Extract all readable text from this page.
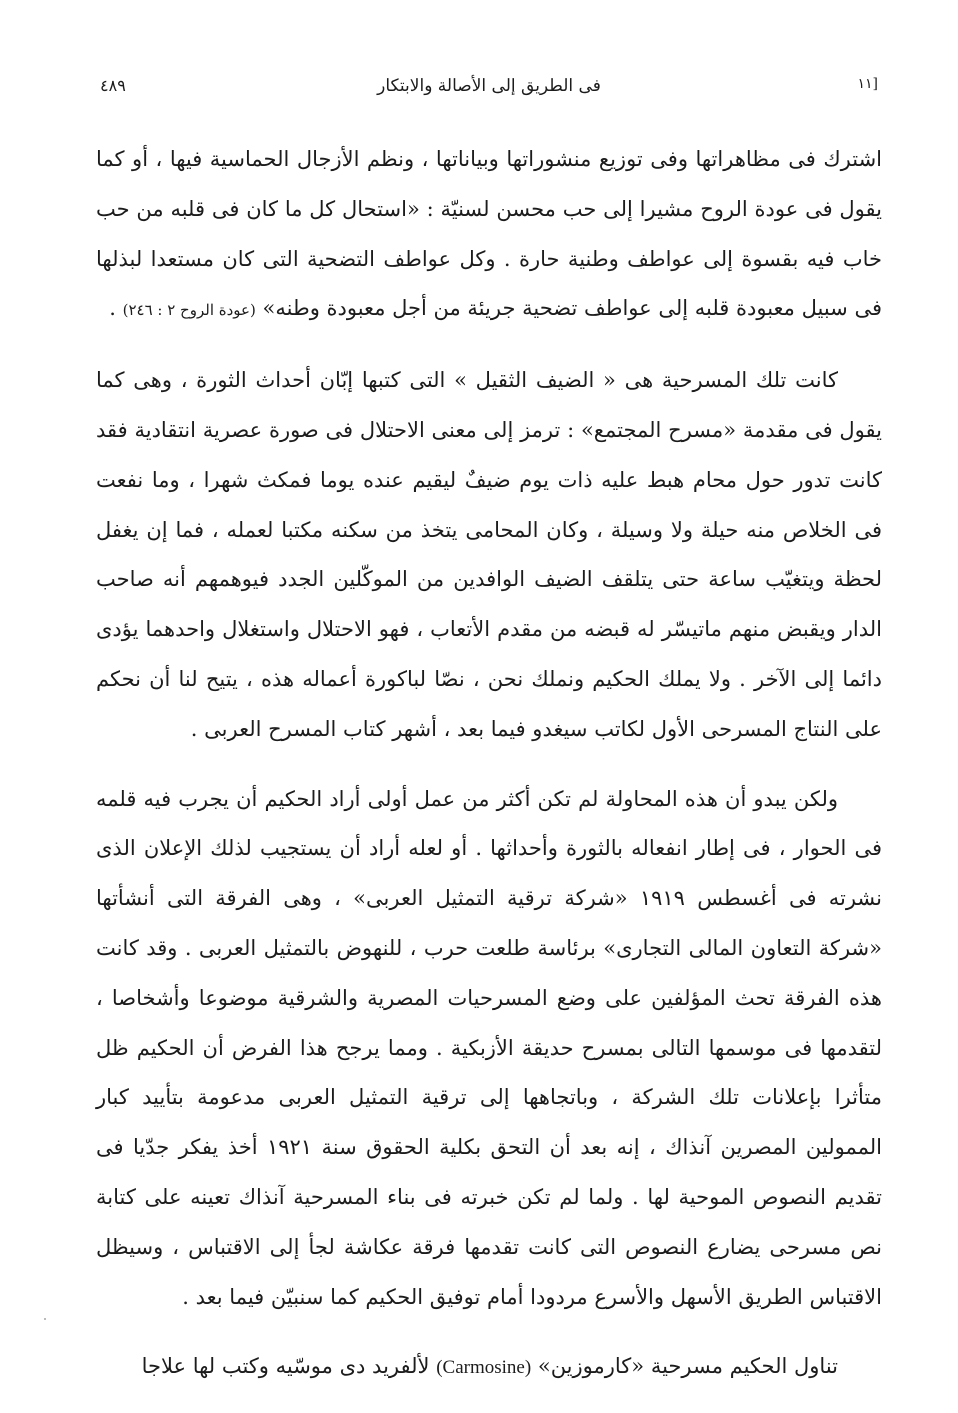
[١١
فى الطريق إلى الأصالة والابتكار
٤٨٩

اشترك فى مظاهراتها وفى توزيع منشوراتها وبياناتها ، ونظم الأزجال الحماسية فيها ، أو كما يقول فى عودة الروح مشيرا إلى حب محسن لسنيّة : «استحال كل ما كان فى قلبه من حب خاب فيه بقسوة إلى عواطف وطنية حارة . وكل عواطف التضحية التى كان مستعدا لبذلها فى سبيل معبودة قلبه إلى عواطف تضحية جريئة من أجل معبودة وطنه» (عودة الروح ٢ : ٢٤٦) .

كانت تلك المسرحية هى « الضيف الثقيل » التى كتبها إبّان أحداث الثورة ، وهى كما يقول فى مقدمة «مسرح المجتمع» : ترمز إلى معنى الاحتلال فى صورة عصرية انتقادية فقد كانت تدور حول محام هبط عليه ذات يوم ضيفٌ ليقيم عنده يوما فمكث شهرا ، وما نفعت فى الخلاص منه حيلة ولا وسيلة ، وكان المحامى يتخذ من سكنه مكتبا لعمله ، فما إن يغفل لحظة ويتغيّب ساعة حتى يتلقف الضيف الوافدين من الموكّلين الجدد فيوهمهم أنه صاحب الدار ويقبض منهم ماتيسّر له قبضه من مقدم الأتعاب ، فهو الاحتلال واستغلال واحدهما يؤدى دائما إلى الآخر . ولا يملك الحكيم ونملك نحن ، نصّا لباكورة أعماله هذه ، يتيح لنا أن نحكم على النتاج المسرحى الأول لكاتب سيغدو فيما بعد ، أشهر كتاب المسرح العربى .

ولكن يبدو أن هذه المحاولة لم تكن أكثر من عمل أولى أراد الحكيم أن يجرب فيه قلمه فى الحوار ، فى إطار انفعاله بالثورة وأحداثها . أو لعله أراد أن يستجيب لذلك الإعلان الذى نشرته فى أغسطس ١٩١٩ «شركة ترقية التمثيل العربى» ، وهى الفرقة التى أنشأتها «شركة التعاون المالى التجارى» برئاسة طلعت حرب ، للنهوض بالتمثيل العربى . وقد كانت هذه الفرقة تحث المؤلفين على وضع المسرحيات المصرية والشرقية موضوعا وأشخاصا ، لتقدمها فى موسمها التالى بمسرح حديقة الأزبكية . ومما يرجح هذا الفرض أن الحكيم ظل متأثرا بإعلانات تلك الشركة ، وباتجاهها إلى ترقية التمثيل العربى مدعومة بتأييد كبار الممولين المصرين آنذاك ، إنه بعد أن التحق بكلية الحقوق سنة ١٩٢١ أخذ يفكر جدّيا فى تقديم النصوص الموحية لها . ولما لم تكن خبرته فى بناء المسرحية آنذاك تعينه على كتابة نص مسرحى يضارع النصوص التى كانت تقدمها فرقة عكاشة لجأ إلى الاقتباس ، وسيظل الاقتباس الطريق الأسهل والأسرع مردودا أمام توفيق الحكيم كما سنبيّن فيما بعد .

تناول الحكيم مسرحية «كارموزين» (Carmosine) لألفريد دى موسّيه وكتب لها علاجا
